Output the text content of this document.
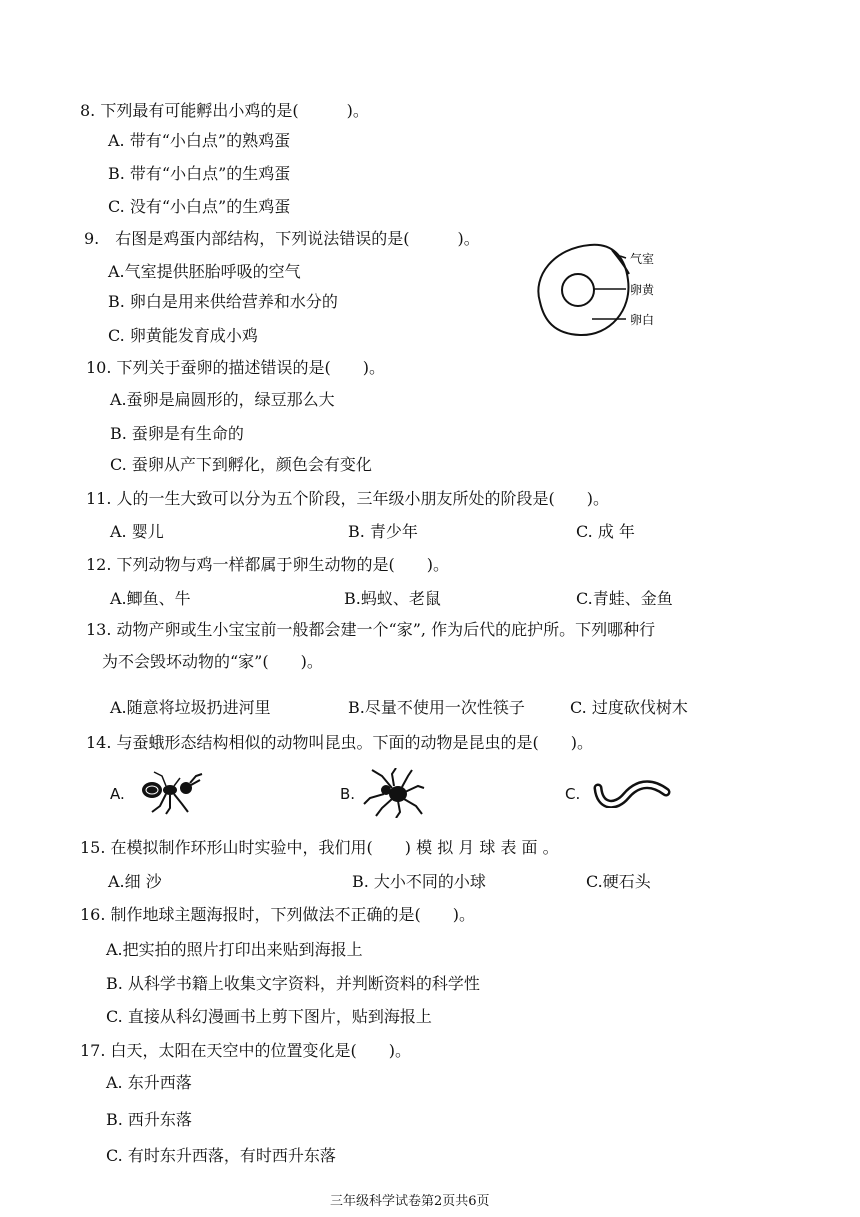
8. 下列最有可能孵出小鸡的是(　　　)。
A. 带有“小白点”的熟鸡蛋
B. 带有“小白点”的生鸡蛋
C. 没有“小白点”的生鸡蛋
9.　右图是鸡蛋内部结构，下列说法错误的是(　　　)。
A.气室提供胚胎呼吸的空气
B. 卵白是用来供给营养和水分的
C. 卵黄能发育成小鸡
气室
卵黄
卵白
10. 下列关于蚕卵的描述错误的是(　　)。
A.蚕卵是扁圆形的，绿豆那么大
B. 蚕卵是有生命的
C. 蚕卵从产下到孵化，颜色会有变化
11. 人的一生大致可以分为五个阶段，三年级小朋友所处的阶段是(　　)。
A. 婴儿	B. 青少年	C. 成 年
12. 下列动物与鸡一样都属于卵生动物的是(　　)。
A.鲫鱼、牛	B.蚂蚁、老鼠	C.青蛙、金鱼
13. 动物产卵或生小宝宝前一般都会建一个“家”, 作为后代的庇护所。下列哪种行
为不会毁坏动物的“家”(　　)。
A.随意将垃圾扔进河里	B.尽量不使用一次性筷子	C. 过度砍伐树木
14. 与蚕蛾形态结构相似的动物叫昆虫。下面的动物是昆虫的是(　　)。
A.	B.	C.
15. 在模拟制作环形山时实验中，我们用(　　) 模 拟 月 球 表 面 。
A.细 沙	B. 大小不同的小球	C.硬石头
16. 制作地球主题海报时，下列做法不正确的是(　　)。
A.把实拍的照片打印出来贴到海报上
B. 从科学书籍上收集文字资料，并判断资料的科学性
C. 直接从科幻漫画书上剪下图片，贴到海报上
17. 白天，太阳在天空中的位置变化是(　　)。
A. 东升西落
B. 西升东落
C. 有时东升西落，有时西升东落
三年级科学试卷第2页共6页
